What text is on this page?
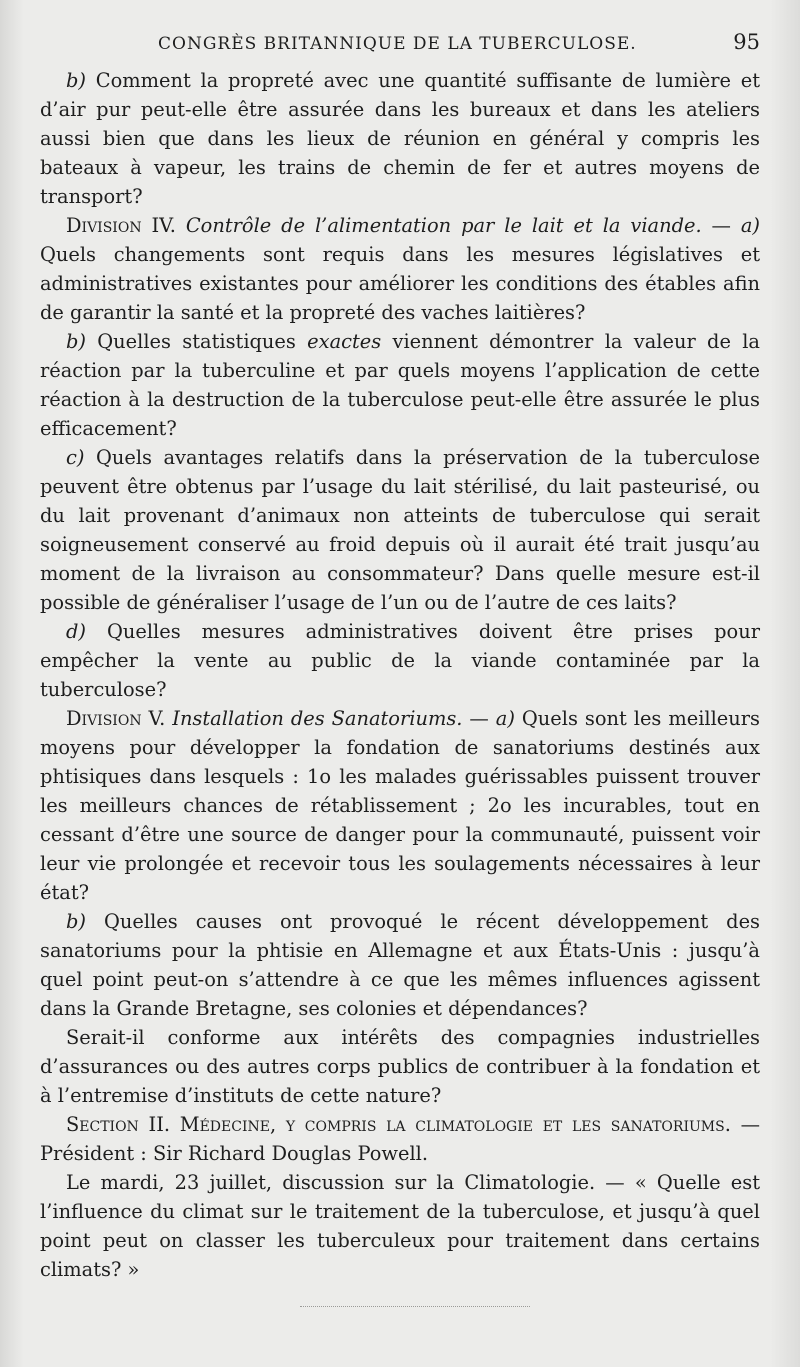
CONGRÈS BRITANNIQUE DE LA TUBERCULOSE.	95

b) Comment la propreté avec une quantité suffisante de lumière et d’air pur peut-elle être assurée dans les bureaux et dans les ateliers aussi bien que dans les lieux de réunion en général y compris les bateaux à vapeur, les trains de chemin de fer et autres moyens de transport?

Division IV. Contrôle de l’alimentation par le lait et la viande. — a) Quels changements sont requis dans les mesures législatives et administratives existantes pour améliorer les conditions des étables afin de garantir la santé et la propreté des vaches laitières?

b) Quelles statistiques exactes viennent démontrer la valeur de la réaction par la tuberculine et par quels moyens l’application de cette réaction à la destruction de la tuberculose peut-elle être assurée le plus efficacement?

c) Quels avantages relatifs dans la préservation de la tuberculose peuvent être obtenus par l’usage du lait stérilisé, du lait pasteurisé, ou du lait provenant d’animaux non atteints de tuberculose qui serait soigneusement conservé au froid depuis où il aurait été trait jusqu’au moment de la livraison au consommateur? Dans quelle mesure est-il possible de généraliser l’usage de l’un ou de l’autre de ces laits?

d) Quelles mesures administratives doivent être prises pour empêcher la vente au public de la viande contaminée par la tuberculose?

Division V. Installation des Sanatoriums. — a) Quels sont les meilleurs moyens pour développer la fondation de sanatoriums destinés aux phtisiques dans lesquels : 1o les malades guérissables puissent trouver les meilleurs chances de rétablissement ; 2o les incurables, tout en cessant d’être une source de danger pour la communauté, puissent voir leur vie prolongée et recevoir tous les soulagements nécessaires à leur état?

b) Quelles causes ont provoqué le récent développement des sanatoriums pour la phtisie en Allemagne et aux États-Unis : jusqu’à quel point peut-on s’attendre à ce que les mêmes influences agissent dans la Grande Bretagne, ses colonies et dépendances?

Serait-il conforme aux intérêts des compagnies industrielles d’assurances ou des autres corps publics de contribuer à la fondation et à l’entremise d’instituts de cette nature?

Section II. Médecine, y compris la climatologie et les sanatoriums. — Président : Sir Richard Douglas Powell.

Le mardi, 23 juillet, discussion sur la Climatologie. — « Quelle est l’influence du climat sur le traitement de la tuberculose, et jusqu’à quel point peut on classer les tuberculeux pour traitement dans certains climats? »
